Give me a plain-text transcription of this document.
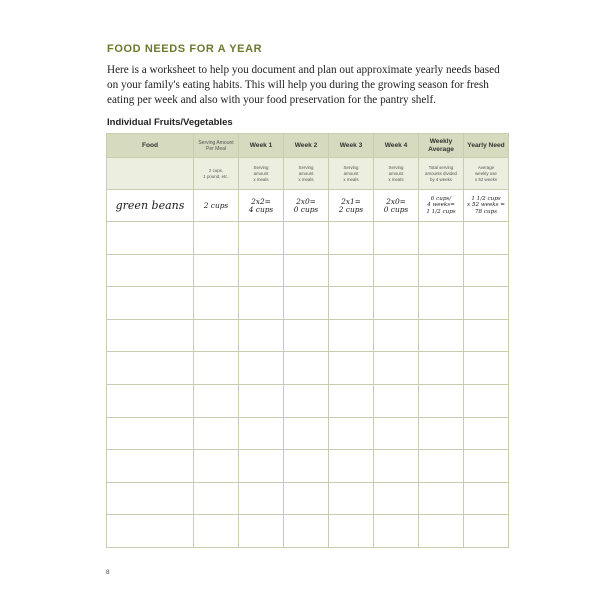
FOOD NEEDS FOR A YEAR
Here is a worksheet to help you document and plan out approximate yearly needs based on your family's eating habits. This will help you during the growing season for fresh eating per week and also with your food preservation for the pantry shelf.
Individual Fruits/Vegetables
Food	Serving Amount Per Meal	Week 1	Week 2	Week 3	Week 4	Weekly Average	Yearly Need

	2 cups,
1 pound, etc.	Serving
amount
x meals	Serving
amount
x meals	Serving
amount
x meals	Serving
amount
x meals	Total serving
amounts divided
by 4 weeks	Average
weekly use
x 52 weeks

green beans	2 cups	2x2=
4 cups	2x0=
0 cups	2x1=
2 cups	2x0=
0 cups	6 cups/
4 weeks=
1 1/2 cups	1 1/2 cups
x 52 weeks =
78 cups

8
